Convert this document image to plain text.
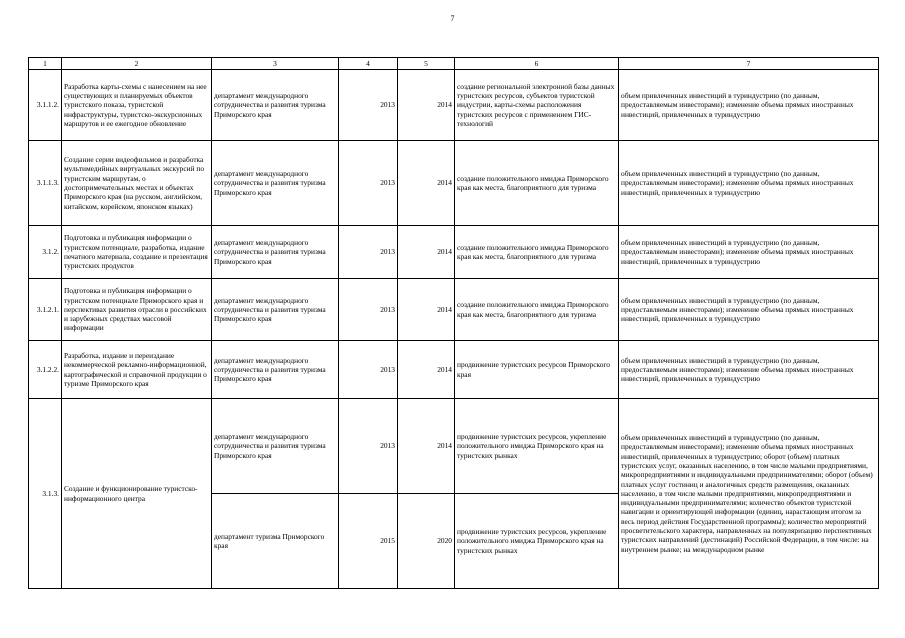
7
1	2	3	4	5	6	7
3.1.1.2.	Разработка карты-схемы с нанесением на нее существующих и планируемых объектов туристского показа, туристской инфраструктуры, туристско-экскурсионных маршрутов и ее ежегодное обновление	департамент международного сотрудничества и развития туризма Приморского края	2013	2014	создание региональной электронной базы данных туристских ресурсов, субъектов туристской индустрии, карты-схемы расположения туристских ресурсов с применением ГИС-технологий	объем привлеченных инвестиций в туриндустрию (по данным, предоставляемым инвесторами); изменение объема прямых иностранных инвестиций, привлеченных в туриндустрию
3.1.1.3.	Создание серии видеофильмов и разработка мультимедийных виртуальных экскурсий по туристским маршрутам, о достопримечательных местах и объектах Приморского края (на русском, английском, китайском, корейском, японском языках)	департамент международного сотрудничества и развития туризма Приморского края	2013	2014	создание положительного имиджа Приморского края как места, благоприятного для туризма	объем привлеченных инвестиций в туриндустрию (по данным, предоставляемым инвесторами); изменение объема прямых иностранных инвестиций, привлеченных в туриндустрию
3.1.2.	Подготовка и публикация информации о туристском потенциале, разработка, издание печатного материала, создание и презентация туристских продуктов	департамент международного сотрудничества и развития туризма Приморского края	2013	2014	создание положительного имиджа Приморского края как места, благоприятного для туризма	объем привлеченных инвестиций в туриндустрию (по данным, предоставляемым инвесторами); изменение объема прямых иностранных инвестиций, привлеченных в туриндустрию
3.1.2.1.	Подготовка и публикация информации о туристском потенциале Приморского края и перспективах развития отрасли в российских и зарубежных средствах массовой информации	департамент международного сотрудничества и развития туризма Приморского края	2013	2014	создание положительного имиджа Приморского края как места, благоприятного для туризма	объем привлеченных инвестиций в туриндустрию (по данным, предоставляемым инвесторами); изменение объема прямых иностранных инвестиций, привлеченных в туриндустрию
3.1.2.2.	Разработка, издание и переиздание некоммерческой рекламно-информационной, картографической и справочной продукции о туризме Приморского края	департамент международного сотрудничества и развития туризма Приморского края	2013	2014	продвижение туристских ресурсов Приморского края	объем привлеченных инвестиций в туриндустрию (по данным, предоставляемым инвесторами); изменение объема прямых иностранных инвестиций, привлеченных в туриндустрию
3.1.3.	Создание и функционирование туристско-информационного центра	департамент международного сотрудничества и развития туризма Приморского края	2013	2014	продвижение туристских ресурсов, укрепление положительного имиджа Приморского края на туристских рынках	объем привлеченных инвестиций в туриндустрию (по данным, предоставляемым инвесторами); изменение объема прямых иностранных инвестиций, привлеченных в туриндустрию; оборот (объем) платных туристских услуг, оказанных населению, в том числе малыми предприятиями, микропредприятиями и индивидуальными предпринимателями; оборот (объем) платных услуг гостиниц и аналогичных средств размещения, оказанных населению, в том числе малыми предприятиями, микропредприятиями и индивидуальными предпринимателями; количество объектов туристской навигации и ориентирующей информации (единиц, нарастающим итогом за весь период действия Государственной программы); количество мероприятий просветительского характера, направленных на популяризацию перспективных туристских направлений (дестинаций) Российской Федерации, в том числе: на внутреннем рынке; на международном рынке
		департамент туризма Приморского края	2015	2020	продвижение туристских ресурсов, укрепление положительного имиджа Приморского края на туристских рынках	
